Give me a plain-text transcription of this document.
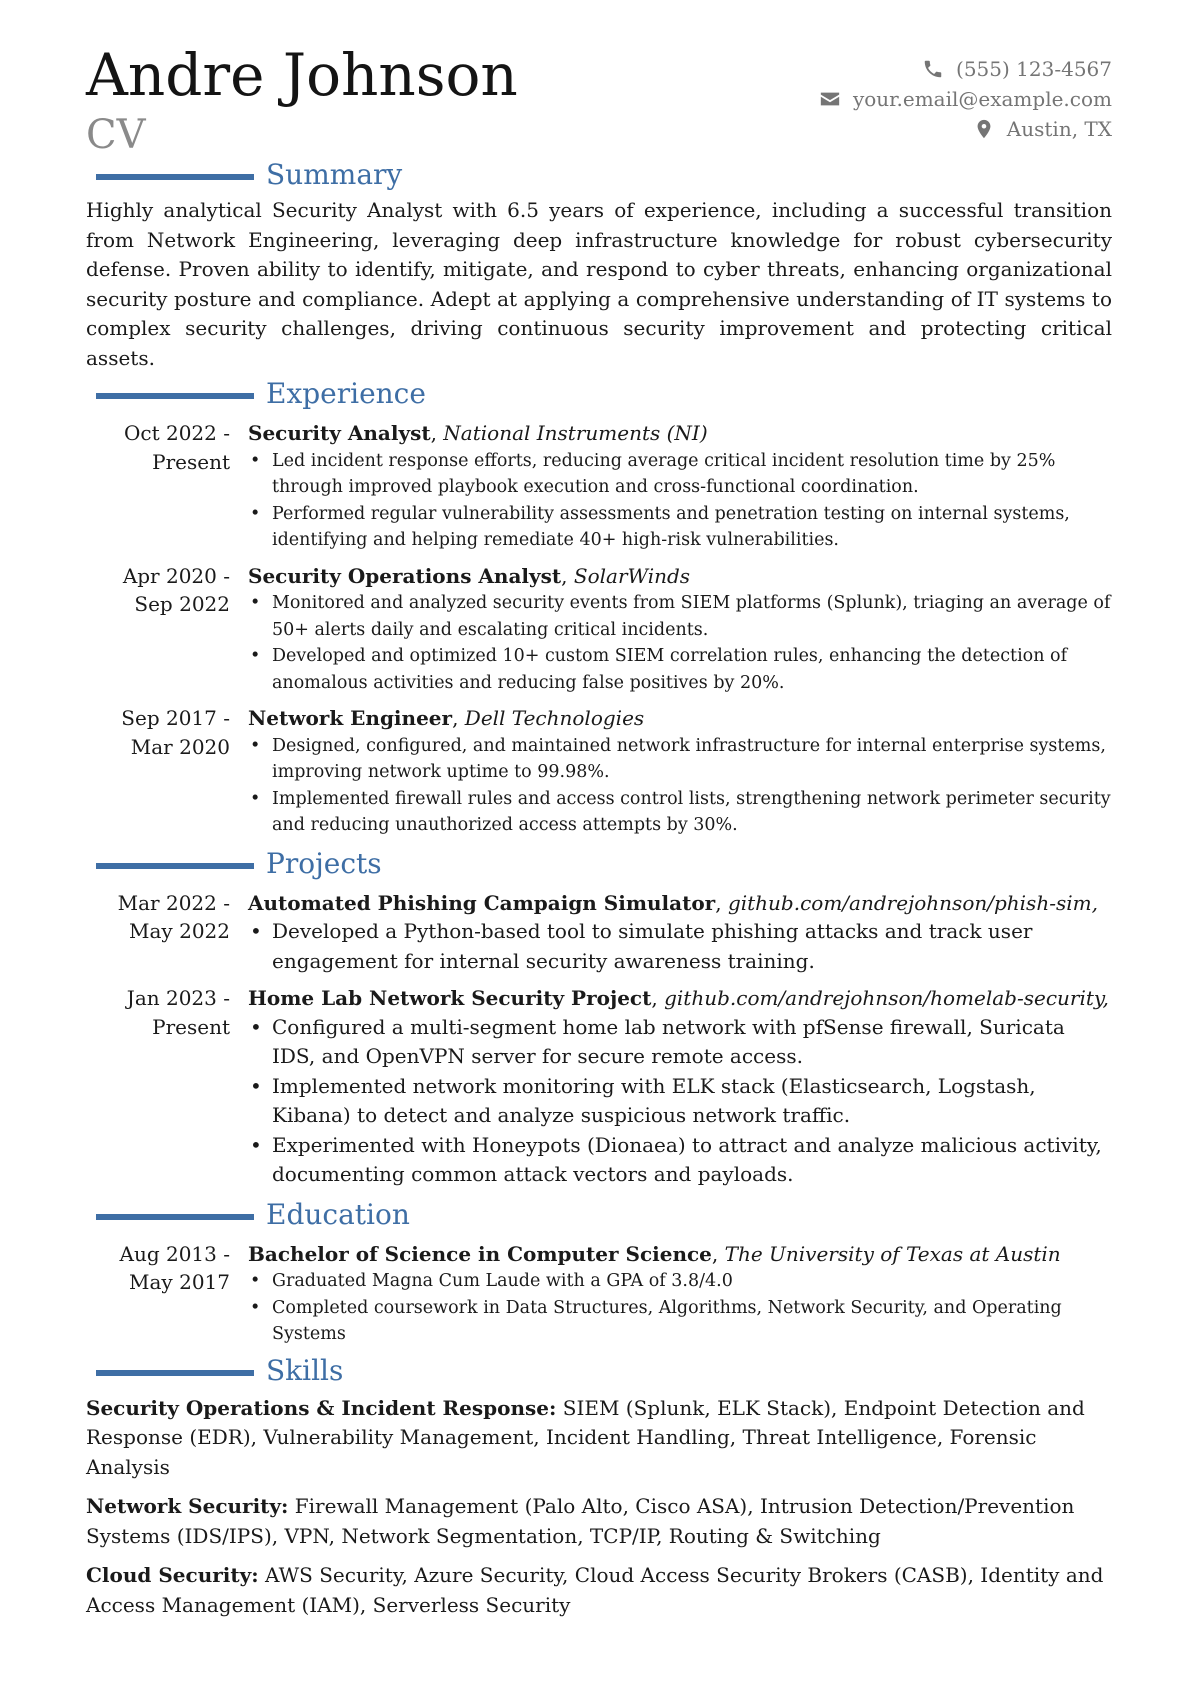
Andre Johnson
CV
(555) 123-4567
your.email@example.com
Austin, TX
Summary

Highly analytical Security Analyst with 6.5 years of experience, including a successful transition from Network Engineering, leveraging deep infrastructure knowledge for robust cybersecurity defense. Proven ability to identify, mitigate, and respond to cyber threats, enhancing organizational security posture and compliance. Adept at applying a comprehensive understanding of IT systems to complex security challenges, driving continuous security improvement and protecting critical assets.

Experience
Oct 2022 - Present
Security Analyst, National Instruments (NI)
• Led incident response efforts, reducing average critical incident resolution time by 25% through improved playbook execution and cross-functional coordination.
• Performed regular vulnerability assessments and penetration testing on internal systems, identifying and helping remediate 40+ high-risk vulnerabilities.
Apr 2020 - Sep 2022
Security Operations Analyst, SolarWinds
• Monitored and analyzed security events from SIEM platforms (Splunk), triaging an average of 50+ alerts daily and escalating critical incidents.
• Developed and optimized 10+ custom SIEM correlation rules, enhancing the detection of anomalous activities and reducing false positives by 20%.
Sep 2017 - Mar 2020
Network Engineer, Dell Technologies
• Designed, configured, and maintained network infrastructure for internal enterprise systems, improving network uptime to 99.98%.
• Implemented firewall rules and access control lists, strengthening network perimeter security and reducing unauthorized access attempts by 30%.
Projects
Mar 2022 - May 2022
Automated Phishing Campaign Simulator, github.com/andrejohnson/phish-sim,
• Developed a Python-based tool to simulate phishing attacks and track user engagement for internal security awareness training.
Jan 2023 - Present
Home Lab Network Security Project, github.com/andrejohnson/homelab-security,
• Configured a multi-segment home lab network with pfSense firewall, Suricata IDS, and OpenVPN server for secure remote access.
• Implemented network monitoring with ELK stack (Elasticsearch, Logstash, Kibana) to detect and analyze suspicious network traffic.
• Experimented with Honeypots (Dionaea) to attract and analyze malicious activity, documenting common attack vectors and payloads.
Education
Aug 2013 - May 2017
Bachelor of Science in Computer Science, The University of Texas at Austin
• Graduated Magna Cum Laude with a GPA of 3.8/4.0
• Completed coursework in Data Structures, Algorithms, Network Security, and Operating Systems
Skills

Security Operations & Incident Response: SIEM (Splunk, ELK Stack), Endpoint Detection and Response (EDR), Vulnerability Management, Incident Handling, Threat Intelligence, Forensic Analysis

Network Security: Firewall Management (Palo Alto, Cisco ASA), Intrusion Detection/Prevention Systems (IDS/IPS), VPN, Network Segmentation, TCP/IP, Routing & Switching

Cloud Security: AWS Security, Azure Security, Cloud Access Security Brokers (CASB), Identity and Access Management (IAM), Serverless Security
